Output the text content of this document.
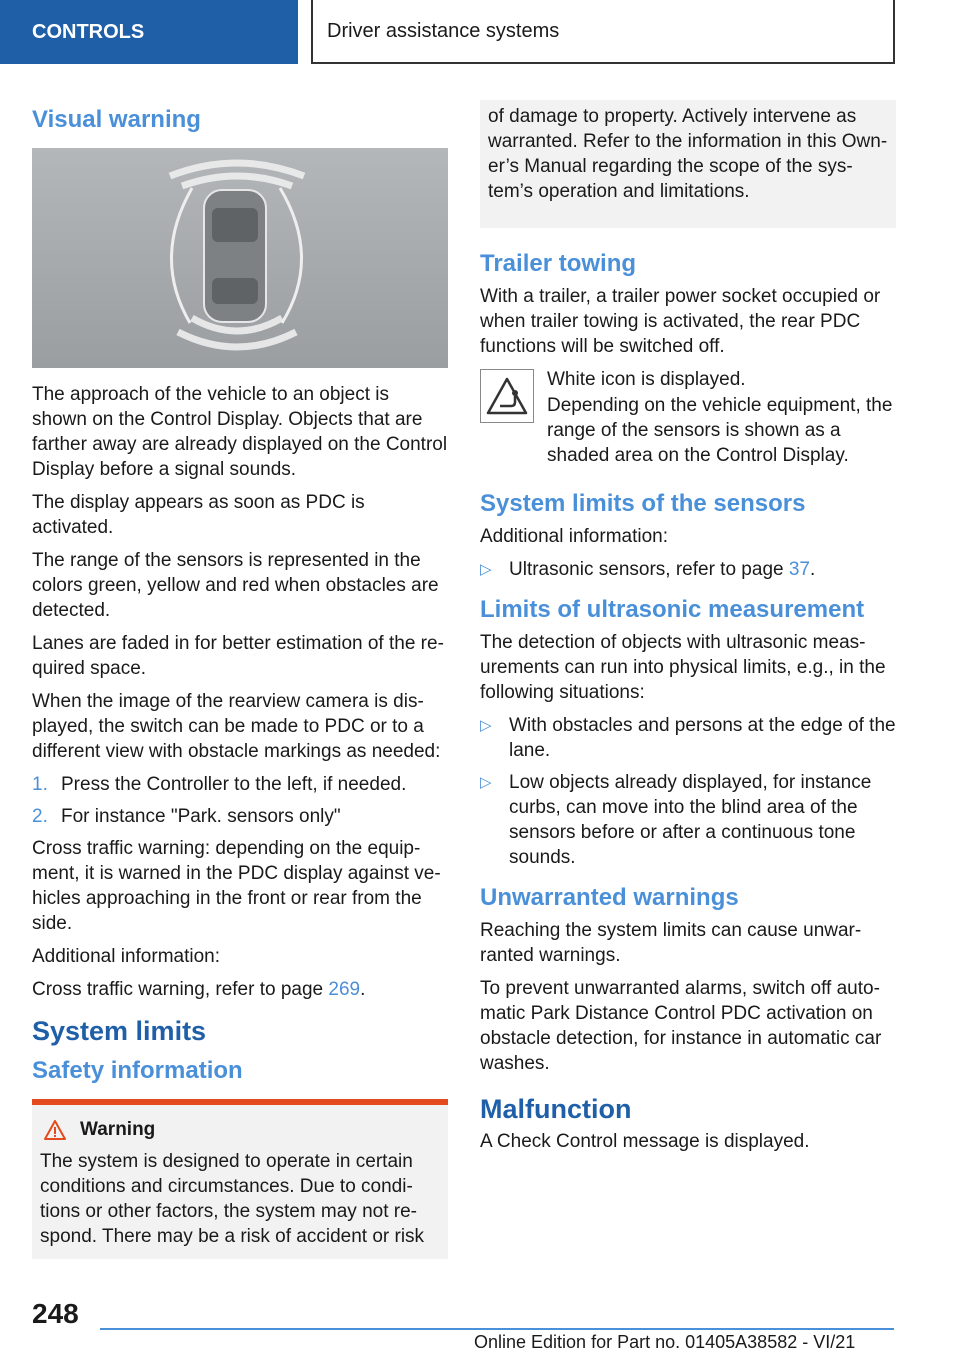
CONTROLS	Driver assistance systems
Visual warning

The approach of the vehicle to an object is shown on the Control Display. Objects that are farther away are already displayed on the Control Display before a signal sounds.

The display appears as soon as PDC is activated.

The range of the sensors is represented in the colors green, yellow and red when obstacles are detected.

Lanes are faded in for better estimation of the re‐quired space.

When the image of the rearview camera is dis‐played, the switch can be made to PDC or to a different view with obstacle markings as needed:

1. Press the Controller to the left, if needed.
2. For instance "Park. sensors only"

Cross traffic warning: depending on the equip‐ment, it is warned in the PDC display against ve‐hicles approaching in the front or rear from the side.

Additional information:

Cross traffic warning, refer to page 269.

System limits
Safety information
Warning

The system is designed to operate in certain conditions and circumstances. Due to condi‐tions or other factors, the system may not re‐spond. There may be a risk of accident or risk

of damage to property. Actively intervene as warranted. Refer to the information in this Own‐er’s Manual regarding the scope of the sys‐tem’s operation and limitations.

Trailer towing

With a trailer, a trailer power socket occupied or when trailer towing is activated, the rear PDC functions will be switched off.

White icon is displayed.

Depending on the vehicle equipment, the range of the sensors is shown as a shaded area on the Control Display.

System limits of the sensors

Additional information:

▷ Ultrasonic sensors, refer to page 37.
Limits of ultrasonic measurement

The detection of objects with ultrasonic meas‐urements can run into physical limits, e.g., in the following situations:

▷ With obstacles and persons at the edge of the lane.
▷ Low objects already displayed, for instance curbs, can move into the blind area of the sensors before or after a continuous tone sounds.
Unwarranted warnings

Reaching the system limits can cause unwar‐ranted warnings.

To prevent unwarranted alarms, switch off auto‐matic Park Distance Control PDC activation on obstacle detection, for instance in automatic car washes.

Malfunction

A Check Control message is displayed.

248
Online Edition for Part no. 01405A38582 - VI/21
